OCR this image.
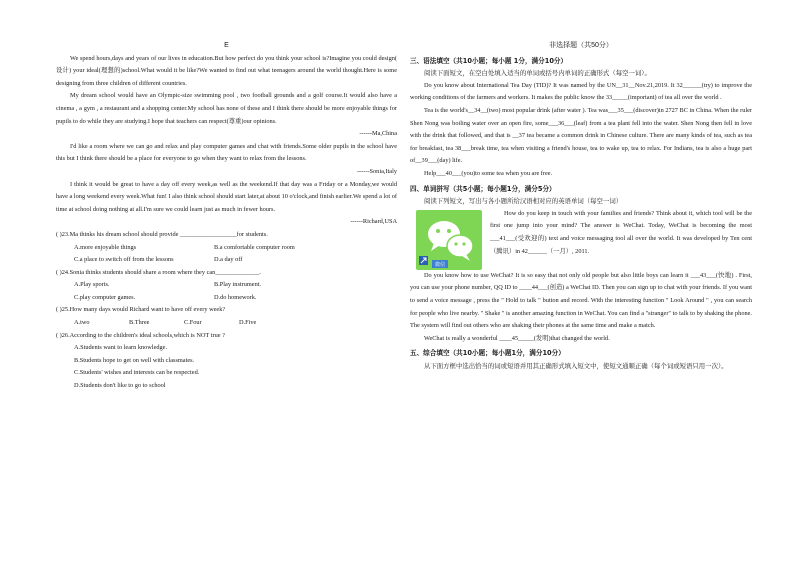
E

We spend hours,days and years of our lives in education.But how perfect do you think your school is?Imagine you could design( 设计) your ideal(理想的)school.What would it be like?We wanted to find out what teenagers around the world thought.Here is some designing from three children of different countries.

My dream school would have an Olympic-size swimming pool , two football grounds and a golf course.It would also have a cinema , a gym , a restaurant and a shopping center.My school has none of these and I think there should be more enjoyable things for pupils to do while they are studying.I hope that teachers can respect(尊重)our opinions.

------Ma,China

I'd like a room where we can go and relax and play computer games and chat with friends.Some older pupils in the school have this but I think there should be a place for everyone to go when they want to relax from the lessons.

------Sonia,Italy

I think it would be great to have a day off every week,as well as the weekend.If that day was a Friday or a Monday,we would have a long weekend every week.What fun! I also think school should start later,at about 10 o'clock,and finish earlier.We spend a lot of time at school doing nothing at all.I'm sure we could learn just as much in fewer hours.

------Richard,USA
( )23.Ma thinks his dream school should provide __________________for students.
A.more enjoyable things	B.a comfortable computer room
C.a place to switch off from the lessons	D.a day off
( )24.Sonia thinks students should share a room where they can______________.
A.Play sports.	B.Play instrument.
C.play computer games.	D.do homework.
( )25.How many days would Richard want to have off every week?
A.two	B.Three	C.Four	D.Five
( )26.According to the children's ideal schools,which is NOT true ?
A.Students want to learn knowledge.
B.Students hope to get on well with classmates.
C.Students' wishes and interests can be respected.
D.Students don't like to go to school
非选择题（共50分）
三、语法填空（共10小题；每小题 1分，满分10分）
阅读下面短文，在空白处填入适当的单词或括号内单词的正确形式（每空一词）。

Do you know about International Tea Day (TID)? It was named by the UN__31__Nov.21,2019. It 32______(try) to improve the working conditions of the farmers and workers. It makes the public know the 33_____(important) of tea all over the world .

Tea is the world's__34__(two) most popular drink (after water ). Tea was___35___(discover)in 2727 BC in China. When the ruler Shen Nong was boiling water over an open fire, some___36___(leaf) from a tea plant fell into the water. Shen Nong then fell in love with the drink that followed, and that is __37 tea became a common drink in Chinese culture. There are many kinds of tea, such as tea for breakfast, tea 38___break time, tea when visiting a friend's house, tea to wake up, tea to relax. For Indians, tea is also a huge part of__39___(day) life.

Help___40___(you)to some tea when you are free.

四、单词拼写（共5小题；每小题1分，满分5分）
阅读下列短文，写出与各小题所给汉语相对应的英语单词（每空一词）
微信

How do you keep in touch with your families and friends? Think about it, which tool will be the first one jump into your mind? The answer is WeChat. Today, WeChat is becoming the most ___41___(受欢迎的) text and voice messaging tool all over the world. It was developed by Ten cent（腾讯）in 42______（一月）, 2011.

Do you know how to use WeChat? It is so easy that not only old people but also little boys can learn it ___43___(快地) . First, you can use your phone number, QQ ID to ____44___(创造) a WeChat ID. Then you can sign up to chat with your friends. If you want to send a voice message , press the " Hold to talk " button and record. With the interesting function " Look Around " , you can search for people who live nearby. " Shake " is another amazing function in WeChat. You can find a "stranger" to talk to by shaking the phone. The system will find out others who are shaking their phones at the same time and make a match.

WeChat is really a wonderful ____45_____(发明)that changed the world.

五、综合填空（共10小题；每小题1分，满分10分）
从下面方框中选出恰当的词或短语并用其正确形式填入短文中，使短文通顺正确（每个词或短语只用一次）。
